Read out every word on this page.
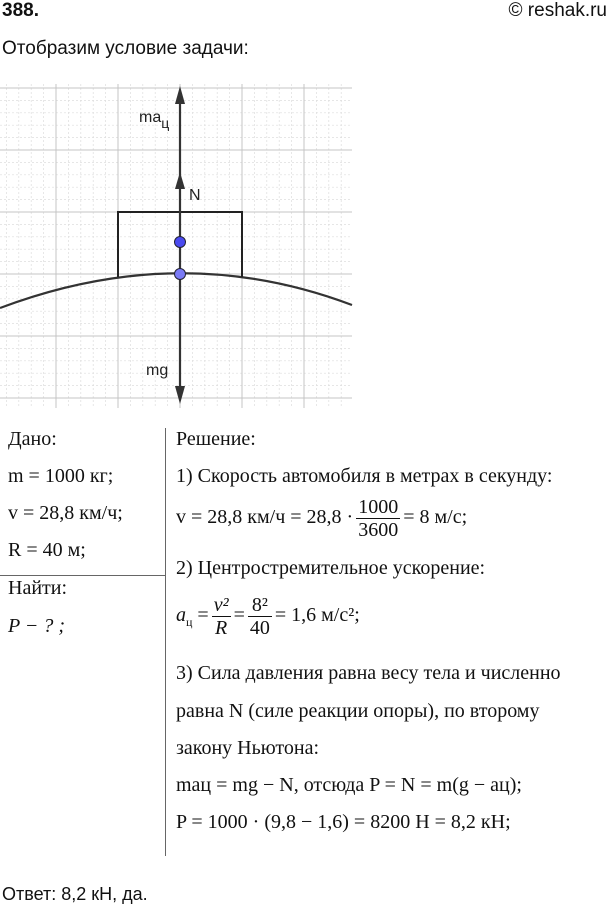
388.	© reshak.ru
Отобразим условие задачи:
maц
N
mg
Дано:
m = 1000 кг;
v = 28,8 км/ч;
R = 40 м;
Найти:
P − ? ;
Решение:
1) Скорость автомобиля в метрах в секунду:
v = 28,8 $км/ч = 28,8 \cdot \frac{1000}{3600} = 8$ м/с;
2) Центростремительное ускорение:
$a_ц = \frac{\text{v²}}{R} = \frac{\text{8²}}{40} = 1,6$ м/с²;
3) Сила давления равна весу тела и численно
равна N (силе реакции опоры), по второму
закону Ньютона:
maц = mg − N, отсюда P = N = m(g − aц);
P = 1000 · (9,8 − 1,6) = 8200 Н = 8,2 кН;
Ответ: 8,2 кН, да.
